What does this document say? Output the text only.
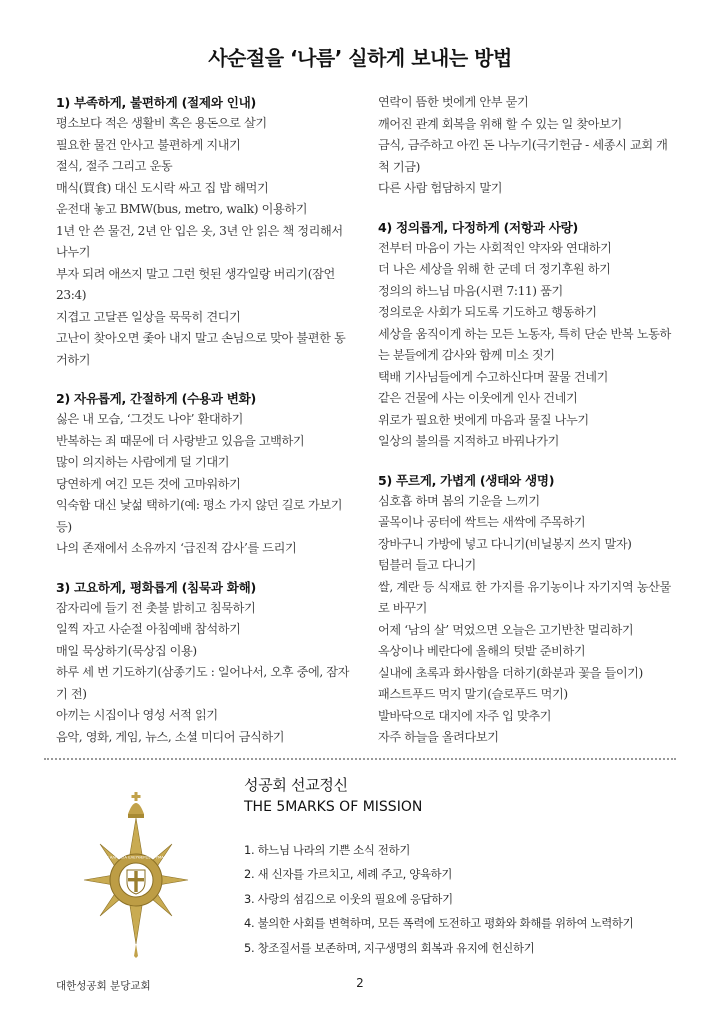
사순절을 ‘나름’ 실하게 보내는 방법
1) 부족하게, 불편하게 (절제와 인내)
평소보다 적은 생활비 혹은 용돈으로 살기
필요한 물건 안사고 불편하게 지내기
절식, 절주 그리고 운동
매식(買食) 대신 도시락 싸고 집 밥 해먹기
운전대 놓고 BMW(bus, metro, walk) 이용하기
1년 안 쓴 물건, 2년 안 입은 옷, 3년 안 읽은 책 정리해서
나누기
부자 되려 애쓰지 말고 그런 헛된 생각일랑 버리기(잠언
23:4)
지겹고 고달픈 일상을 묵묵히 견디기
고난이 찾아오면 좇아 내지 말고 손님으로 맞아 불편한 동
거하기
2) 자유롭게, 간절하게 (수용과 변화)
싫은 내 모습, ‘그것도 나야’ 환대하기
반복하는 죄 때문에 더 사랑받고 있음을 고백하기
많이 의지하는 사람에게 덜 기대기
당연하게 여긴 모든 것에 고마워하기
익숙함 대신 낯섦 택하기(예: 평소 가지 않던 길로 가보기
등)
나의 존재에서 소유까지 ‘급진적 감사’를 드리기
3) 고요하게, 평화롭게 (침묵과 화해)
잠자리에 들기 전 촛불 밝히고 침묵하기
일찍 자고 사순절 아침예배 참석하기
매일 묵상하기(묵상집 이용)
하루 세 번 기도하기(삼종기도 : 일어나서, 오후 중에, 잠자
기 전)
아끼는 시집이나 영성 서적 읽기
음악, 영화, 게임, 뉴스, 소셜 미디어 금식하기
연락이 뜸한 벗에게 안부 묻기
깨어진 관계 회복을 위해 할 수 있는 일 찾아보기
금식, 금주하고 아낀 돈 나누기(극기헌금 - 세종시 교회 개
척 기금)
다른 사람 험담하지 말기
4) 정의롭게, 다정하게 (저항과 사랑)
전부터 마음이 가는 사회적인 약자와 연대하기
더 나은 세상을 위해 한 군데 더 정기후원 하기
정의의 하느님 마음(시편 7:11) 품기
정의로운 사회가 되도록 기도하고 행동하기
세상을 움직이게 하는 모든 노동자, 특히 단순 반복 노동하
는 분들에게 감사와 함께 미소 짓기
택배 기사님들에게 수고하신다며 꿀물 건네기
같은 건물에 사는 이웃에게 인사 건네기
위로가 필요한 벗에게 마음과 물질 나누기
일상의 불의를 지적하고 바꿔나가기
5) 푸르게, 가볍게 (생태와 생명)
심호흡 하며 봄의 기운을 느끼기
골목이나 공터에 싹트는 새싹에 주목하기
장바구니 가방에 넣고 다니기(비닐봉지 쓰지 말자)
텀블러 들고 다니기
쌀, 계란 등 식재료 한 가지를 유기농이나 자기지역 농산물
로 바꾸기
어제 ‘남의 살’ 먹었으면 오늘은 고기반찬 멀리하기
옥상이나 베란다에 올해의 텃밭 준비하기
실내에 초록과 화사함을 더하기(화분과 꽃을 들이기)
패스트푸드 먹지 말기(슬로푸드 먹기)
발바닥으로 대지에 자주 입 맞추기
자주 하늘을 올려다보기
Η ΑΛΗΘΕΙΑ ΕΛΕΥΘΕΡΩΣΕΙ ΥΜΑΣ
성공회 선교정신
THE 5MARKS OF MISSION
1. 하느님 나라의 기쁜 소식 전하기
2. 새 신자를 가르치고, 세례 주고, 양육하기
3. 사랑의 섬김으로 이웃의 필요에 응답하기
4. 불의한 사회를 변혁하며, 모든 폭력에 도전하고 평화와 화해를 위하여 노력하기
5. 창조질서를 보존하며, 지구생명의 회복과 유지에 헌신하기
대한성공회 분당교회	2
